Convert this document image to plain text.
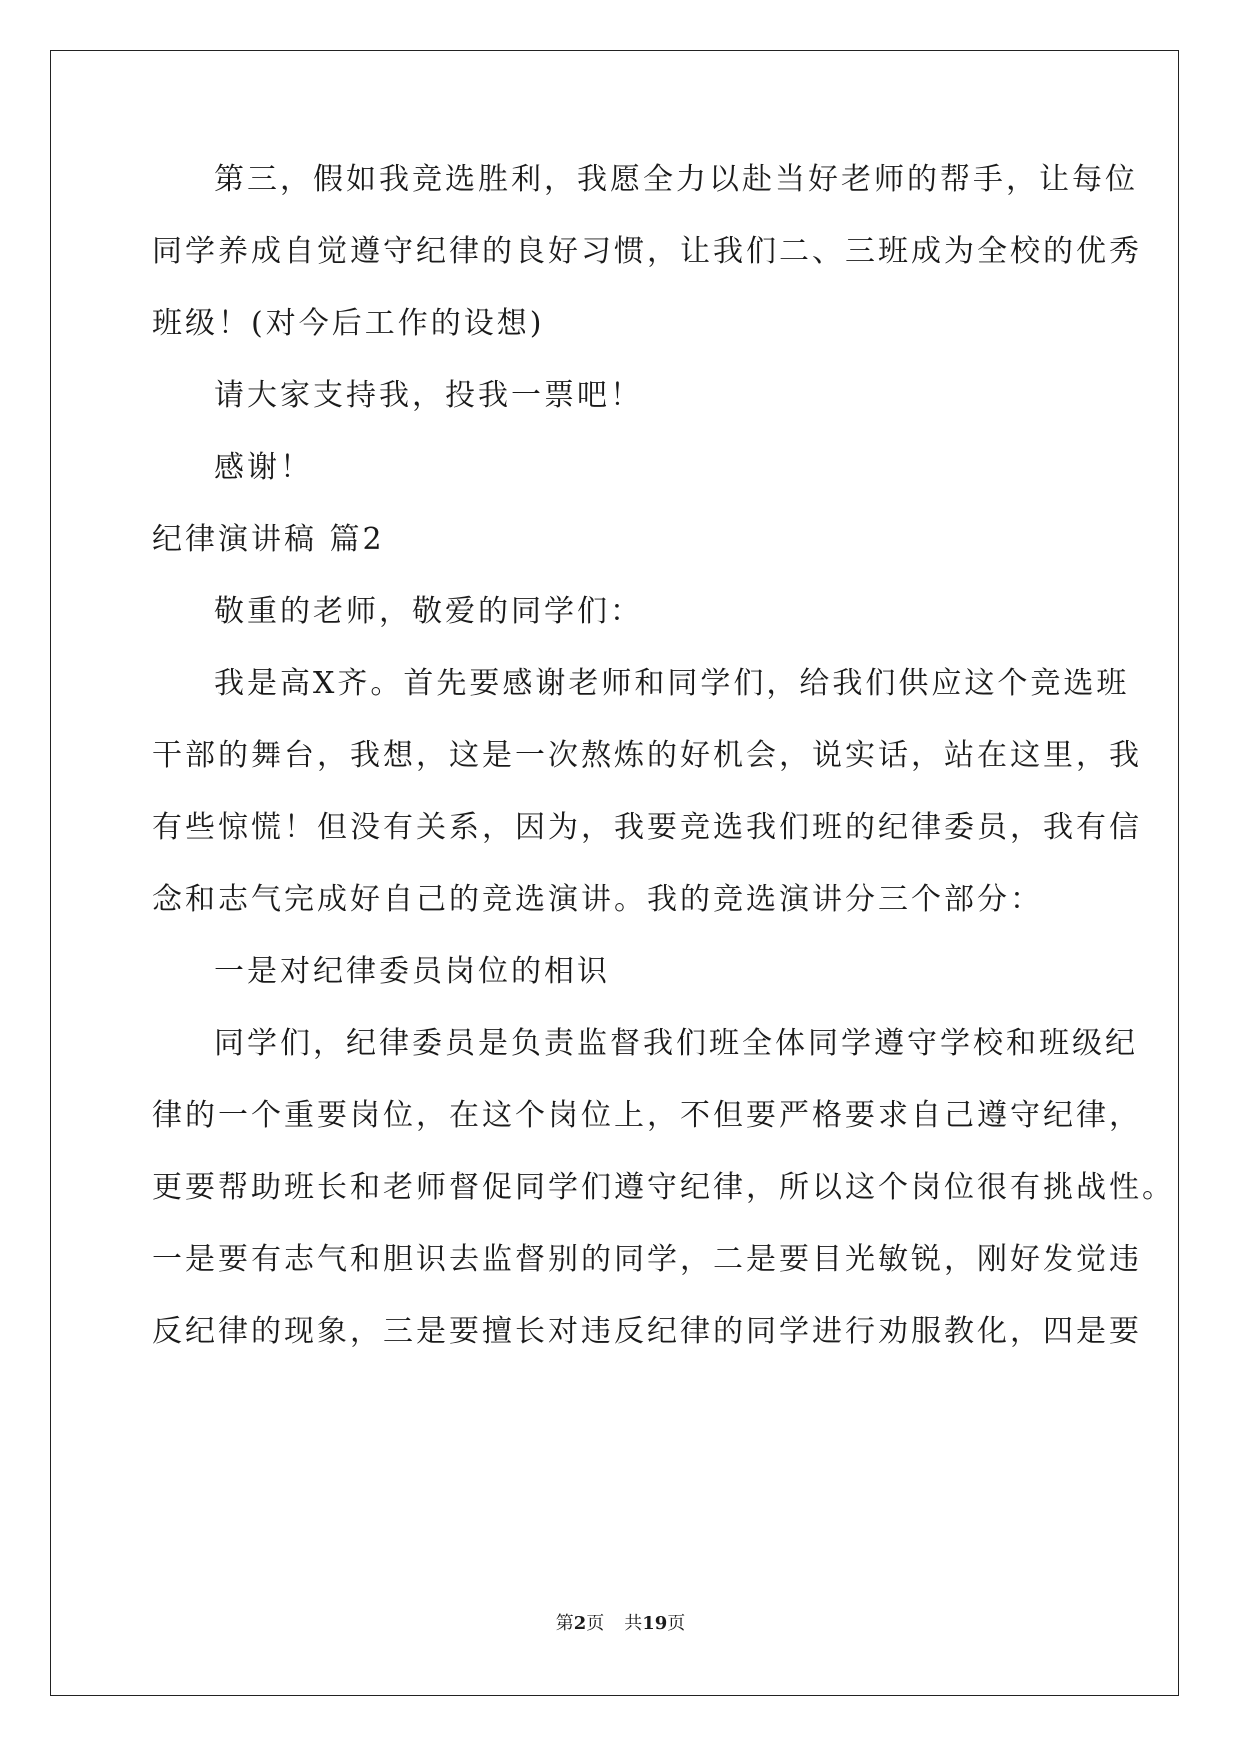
第三，假如我竞选胜利，我愿全力以赴当好老师的帮手，让每位
同学养成自觉遵守纪律的良好习惯，让我们二、三班成为全校的优秀
班级！(对今后工作的设想)
请大家支持我，投我一票吧！
感谢！
纪律演讲稿 篇2
敬重的老师，敬爱的同学们：
我是高X齐。首先要感谢老师和同学们，给我们供应这个竞选班
干部的舞台，我想，这是一次熬炼的好机会，说实话，站在这里，我
有些惊慌！但没有关系，因为，我要竞选我们班的纪律委员，我有信
念和志气完成好自己的竞选演讲。我的竞选演讲分三个部分：
一是对纪律委员岗位的相识
同学们，纪律委员是负责监督我们班全体同学遵守学校和班级纪
律的一个重要岗位，在这个岗位上，不但要严格要求自己遵守纪律，
更要帮助班长和老师督促同学们遵守纪律，所以这个岗位很有挑战性。
一是要有志气和胆识去监督别的同学，二是要目光敏锐，刚好发觉违
反纪律的现象，三是要擅长对违反纪律的同学进行劝服教化，四是要
第2页 共19页
